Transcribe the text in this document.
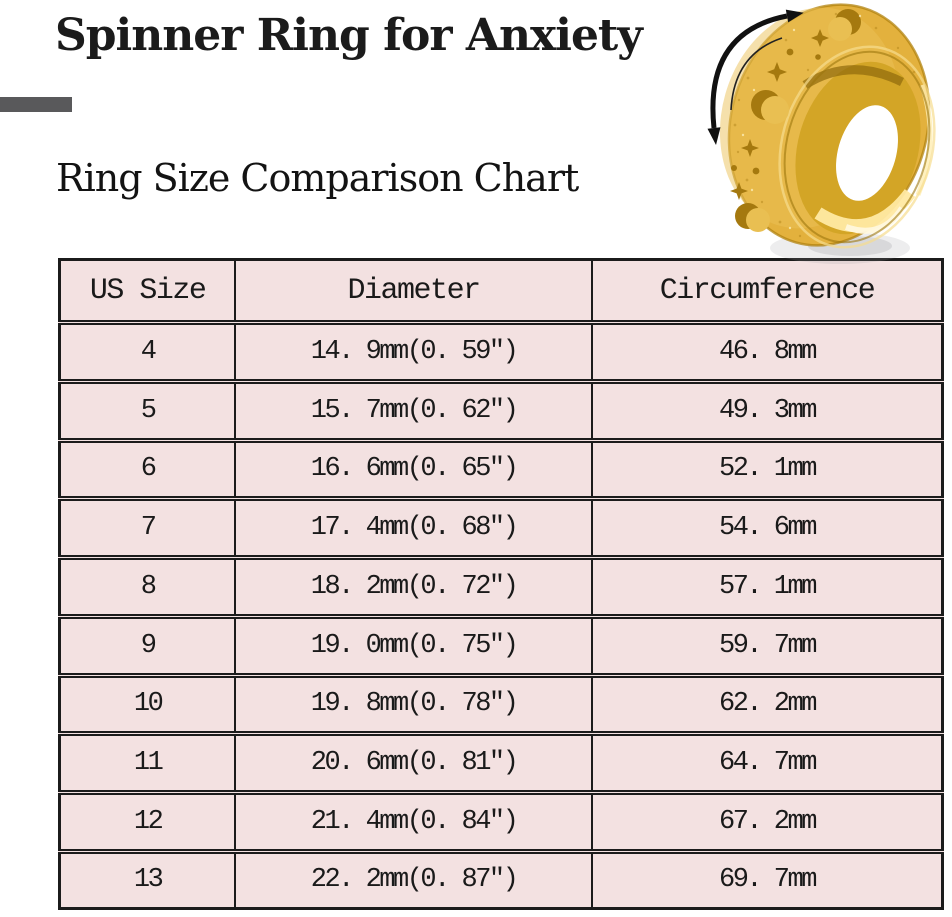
Spinner Ring for Anxiety
Ring Size Comparison Chart
US Size	Diameter	Circumference
4	14. 9mm(0. 59″)	46. 8mm
5	15. 7mm(0. 62″)	49. 3mm
6	16. 6mm(0. 65″)	52. 1mm
7	17. 4mm(0. 68″)	54. 6mm
8	18. 2mm(0. 72″)	57. 1mm
9	19. 0mm(0. 75″)	59. 7mm
10	19. 8mm(0. 78″)	62. 2mm
11	20. 6mm(0. 81″)	64. 7mm
12	21. 4mm(0. 84″)	67. 2mm
13	22. 2mm(0. 87″)	69. 7mm
